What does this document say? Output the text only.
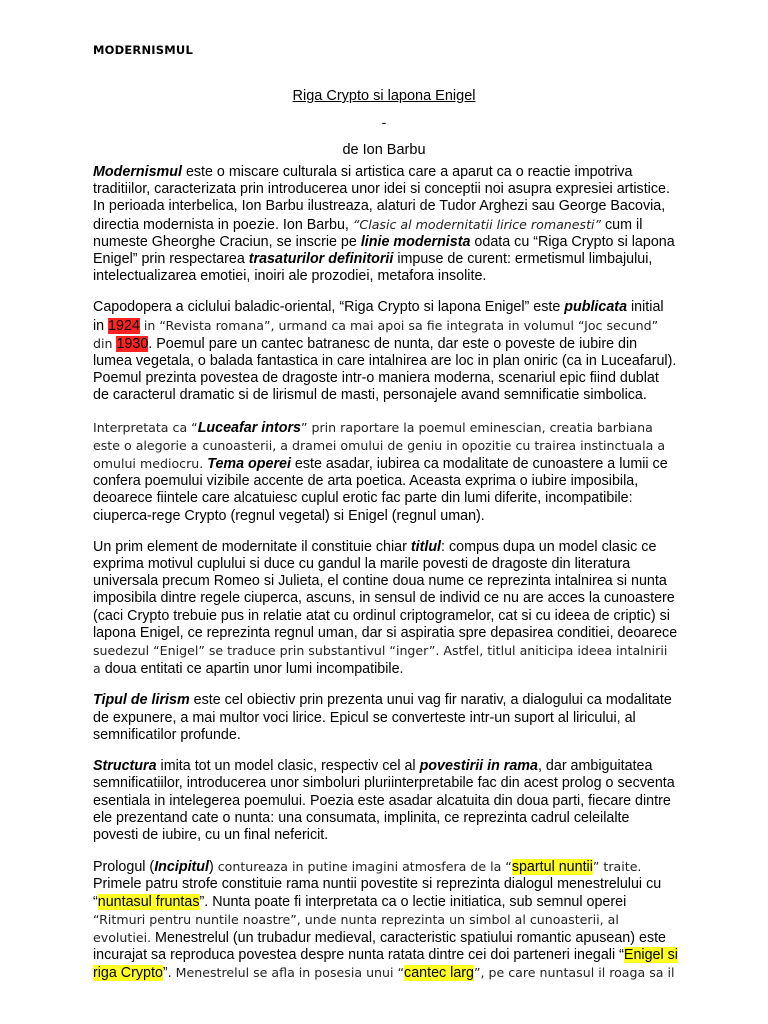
MODERNISMUL
Riga Crypto si lapona Enigel
-
de Ion Barbu

Modernismul este o miscare culturala si artistica care a aparut ca o reactie impotriva traditiilor, caracterizata prin introducerea unor idei si conceptii noi asupra expresiei artistice. In perioada interbelica, Ion Barbu ilustreaza, alaturi de Tudor Arghezi sau George Bacovia, directia modernista in poezie. Ion Barbu, “Clasic al modernitatii lirice romanesti” cum il numeste Gheorghe Craciun, se inscrie pe linie modernista odata cu “Riga Crypto si lapona Enigel” prin respectarea trasaturilor definitorii impuse de curent: ermetismul limbajului, intelectualizarea emotiei, inoiri ale prozodiei, metafora insolite.

Capodopera a ciclului baladic-oriental, “Riga Crypto si lapona Enigel” este publicata initial in 1924 in “Revista romana”, urmand ca mai apoi sa fie integrata in volumul “Joc secund” din 1930. Poemul pare un cantec batranesc de nunta, dar este o poveste de iubire din lumea vegetala, o balada fantastica in care intalnirea are loc in plan oniric (ca in Luceafarul). Poemul prezinta povestea de dragoste intr-o maniera moderna, scenariul epic fiind dublat de caracterul dramatic si de lirismul de masti, personajele avand semnificatie simbolica.

Interpretata ca “Luceafar intors” prin raportare la poemul eminescian, creatia barbiana este o alegorie a cunoasterii, a dramei omului de geniu in opozitie cu trairea instinctuala a omului mediocru. Tema operei este asadar, iubirea ca modalitate de cunoastere a lumii ce confera poemului vizibile accente de arta poetica. Aceasta exprima o iubire imposibila, deoarece fiintele care alcatuiesc cuplul erotic fac parte din lumi diferite, incompatibile: ciuperca-rege Crypto (regnul vegetal) si Enigel (regnul uman).

Un prim element de modernitate il constituie chiar titlul: compus dupa un model clasic ce exprima motivul cuplului si duce cu gandul la marile povesti de dragoste din literatura universala precum Romeo si Julieta, el contine doua nume ce reprezinta intalnirea si nunta imposibila dintre regele ciuperca, ascuns, in sensul de individ ce nu are acces la cunoastere (caci Crypto trebuie pus in relatie atat cu ordinul criptogramelor, cat si cu ideea de criptic) si lapona Enigel, ce reprezinta regnul uman, dar si aspiratia spre depasirea conditiei, deoarece suedezul “Enigel” se traduce prin substantivul “inger”. Astfel, titlul aniticipa ideea intalnirii a doua entitati ce apartin unor lumi incompatibile.

Tipul de lirism este cel obiectiv prin prezenta unui vag fir narativ, a dialogului ca modalitate de expunere, a mai multor voci lirice. Epicul se converteste intr-un suport al liricului, al semnificatilor profunde.

Structura imita tot un model clasic, respectiv cel al povestirii in rama, dar ambiguitatea semnificatiilor, introducerea unor simboluri pluriinterpretabile fac din acest prolog o secventa esentiala in intelegerea poemului. Poezia este asadar alcatuita din doua parti, fiecare dintre ele prezentand cate o nunta: una consumata, implinita, ce reprezinta cadrul celeilalte povesti de iubire, cu un final nefericit.

Prologul (Incipitul) contureaza in putine imagini atmosfera de la “spartul nuntii” traite. Primele patru strofe constituie rama nuntii povestite si reprezinta dialogul menestrelului cu “nuntasul fruntas”. Nunta poate fi interpretata ca o lectie initiatica, sub semnul operei “Ritmuri pentru nuntile noastre”, unde nunta reprezinta un simbol al cunoasterii, al evolutiei. Menestrelul (un trubadur medieval, caracteristic spatiului romantic apusean) este incurajat sa reproduca povestea despre nunta ratata dintre cei doi parteneri inegali “Enigel si riga Crypto”. Menestrelul se afla in posesia unui “cantec larg”, pe care nuntasul il roaga sa il
